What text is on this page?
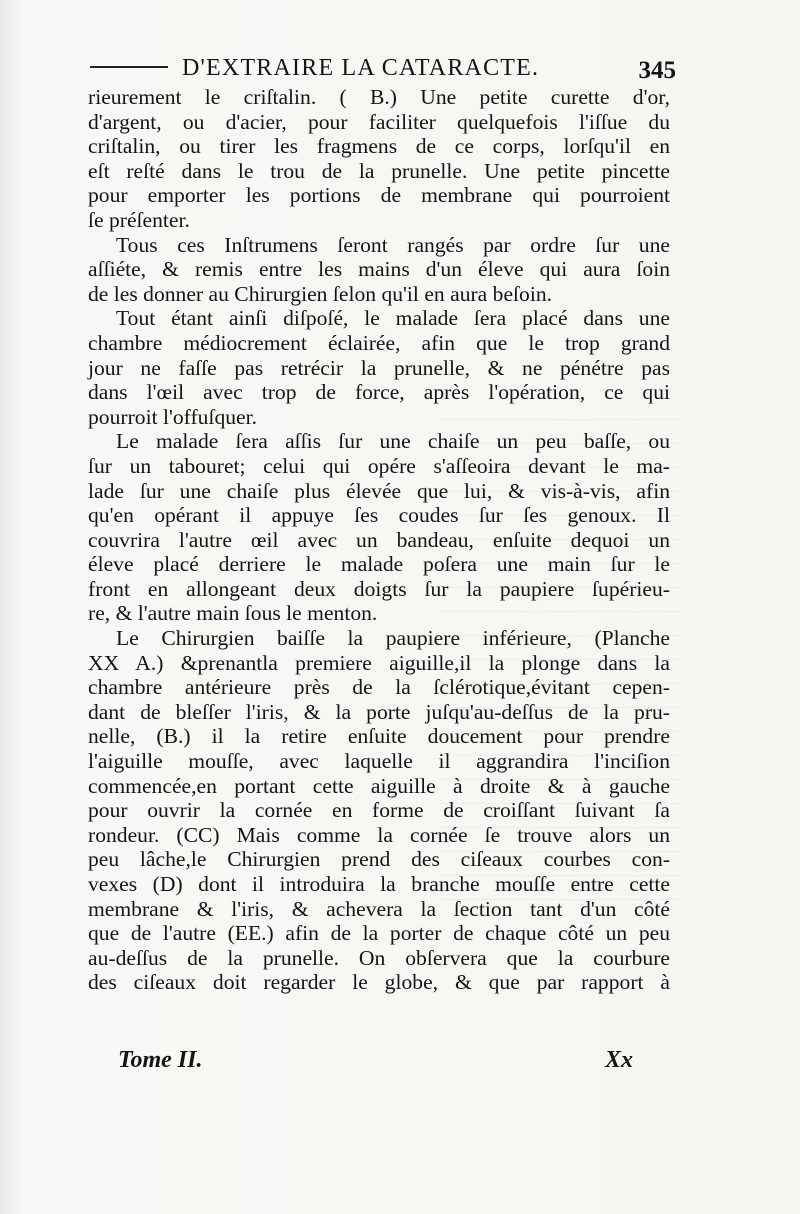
D'EXTRAIRE LA CATARACTE.	345
rieurement le criſtalin. ( B.) Une petite curette d'or,
d'argent, ou d'acier, pour faciliter quelquefois l'iſſue du
criſtalin, ou tirer les fragmens de ce corps, lorſqu'il en
eſt reſté dans le trou de la prunelle. Une petite pincette
pour emporter les portions de membrane qui pourroient
ſe préſenter.
Tous ces Inſtrumens ſeront rangés par ordre ſur une
aſſiéte, & remis entre les mains d'un éleve qui aura ſoin
de les donner au Chirurgien ſelon qu'il en aura beſoin.
Tout étant ainſi diſpoſé, le malade ſera placé dans une
chambre médiocrement éclairée, afin que le trop grand
jour ne faſſe pas retrécir la prunelle, & ne pénétre pas
dans l'œil avec trop de force, après l'opération, ce qui
pourroit l'offuſquer.
Le malade ſera aſſis ſur une chaiſe un peu baſſe, ou
ſur un tabouret; celui qui opére s'aſſeoira devant le ma-
lade ſur une chaiſe plus élevée que lui, & vis-à-vis, afin
qu'en opérant il appuye ſes coudes ſur ſes genoux. Il
couvrira l'autre œil avec un bandeau, enſuite dequoi un
éleve placé derriere le malade poſera une main ſur le
front en allongeant deux doigts ſur la paupiere ſupérieu-
re, & l'autre main ſous le menton.
Le Chirurgien baiſſe la paupiere inférieure, (Planche
XX A.) &prenantla premiere aiguille,il la plonge dans la
chambre antérieure près de la ſclérotique,évitant cepen-
dant de bleſſer l'iris, & la porte juſqu'au-deſſus de la pru-
nelle, (B.) il la retire enſuite doucement pour prendre
l'aiguille mouſſe, avec laquelle il aggrandira l'inciſion
commencée,en portant cette aiguille à droite & à gauche
pour ouvrir la cornée en forme de croiſſant ſuivant ſa
rondeur. (CC) Mais comme la cornée ſe trouve alors un
peu lâche,le Chirurgien prend des ciſeaux courbes con-
vexes (D) dont il introduira la branche mouſſe entre cette
membrane & l'iris, & achevera la ſection tant d'un côté
que de l'autre (EE.) afin de la porter de chaque côté un peu
au-deſſus de la prunelle. On obſervera que la courbure
des ciſeaux doit regarder le globe, & que par rapport à
Tome II.	Xx
